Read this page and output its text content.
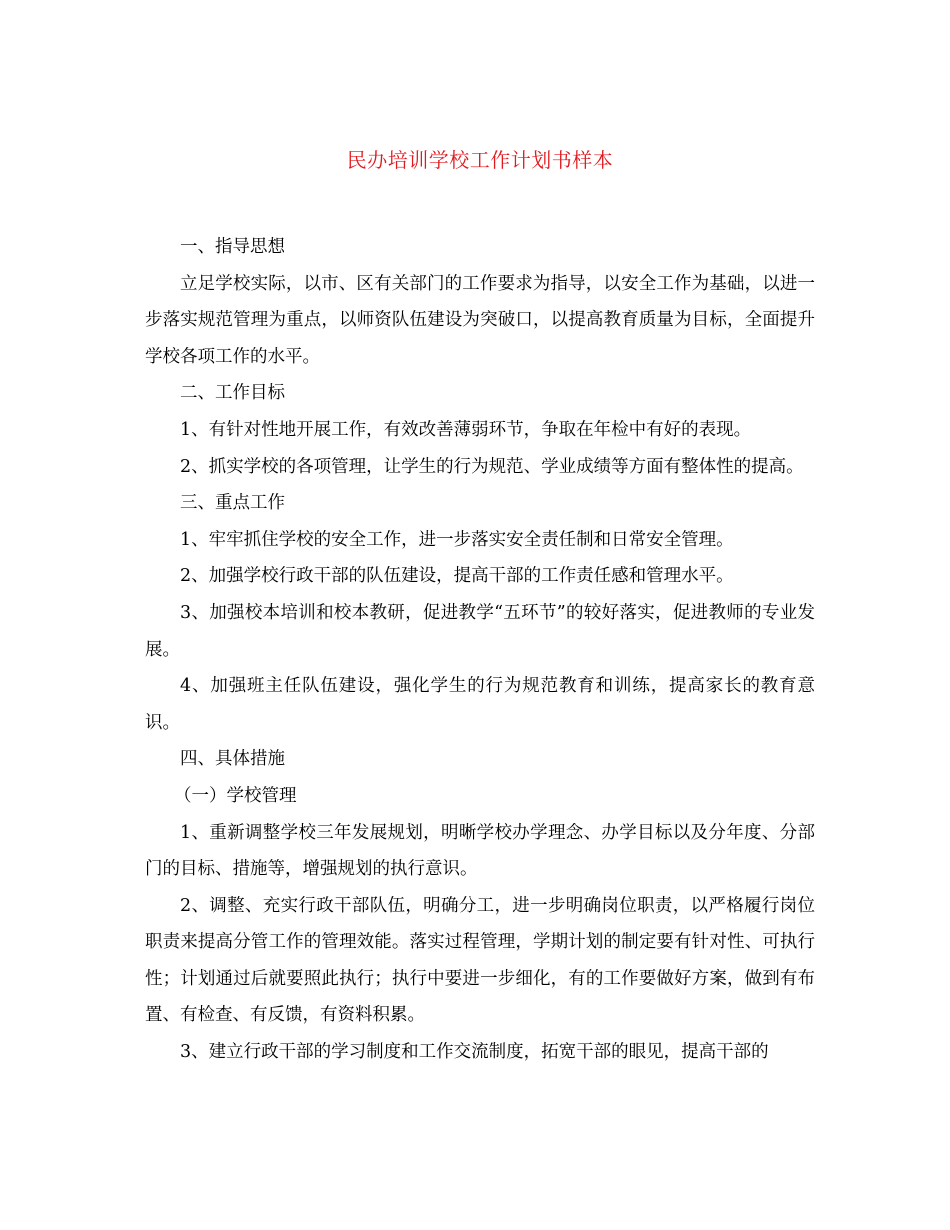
民办培训学校工作计划书样本

一、指导思想

立足学校实际，以市、区有关部门的工作要求为指导，以安全工作为基础，以进一步落实规范管理为重点，以师资队伍建设为突破口，以提高教育质量为目标，全面提升学校各项工作的水平。

二、工作目标

1、有针对性地开展工作，有效改善薄弱环节，争取在年检中有好的表现。

2、抓实学校的各项管理，让学生的行为规范、学业成绩等方面有整体性的提高。

三、重点工作

1、牢牢抓住学校的安全工作，进一步落实安全责任制和日常安全管理。

2、加强学校行政干部的队伍建设，提高干部的工作责任感和管理水平。

3、加强校本培训和校本教研，促进教学“五环节”的较好落实，促进教师的专业发展。

4、加强班主任队伍建设，强化学生的行为规范教育和训练，提高家长的教育意识。

四、具体措施

（一）学校管理

1、重新调整学校三年发展规划，明晰学校办学理念、办学目标以及分年度、分部门的目标、措施等，增强规划的执行意识。

2、调整、充实行政干部队伍，明确分工，进一步明确岗位职责，以严格履行岗位职责来提高分管工作的管理效能。落实过程管理，学期计划的制定要有针对性、可执行性；计划通过后就要照此执行；执行中要进一步细化，有的工作要做好方案，做到有布置、有检查、有反馈，有资料积累。

3、建立行政干部的学习制度和工作交流制度，拓宽干部的眼见，提高干部的
